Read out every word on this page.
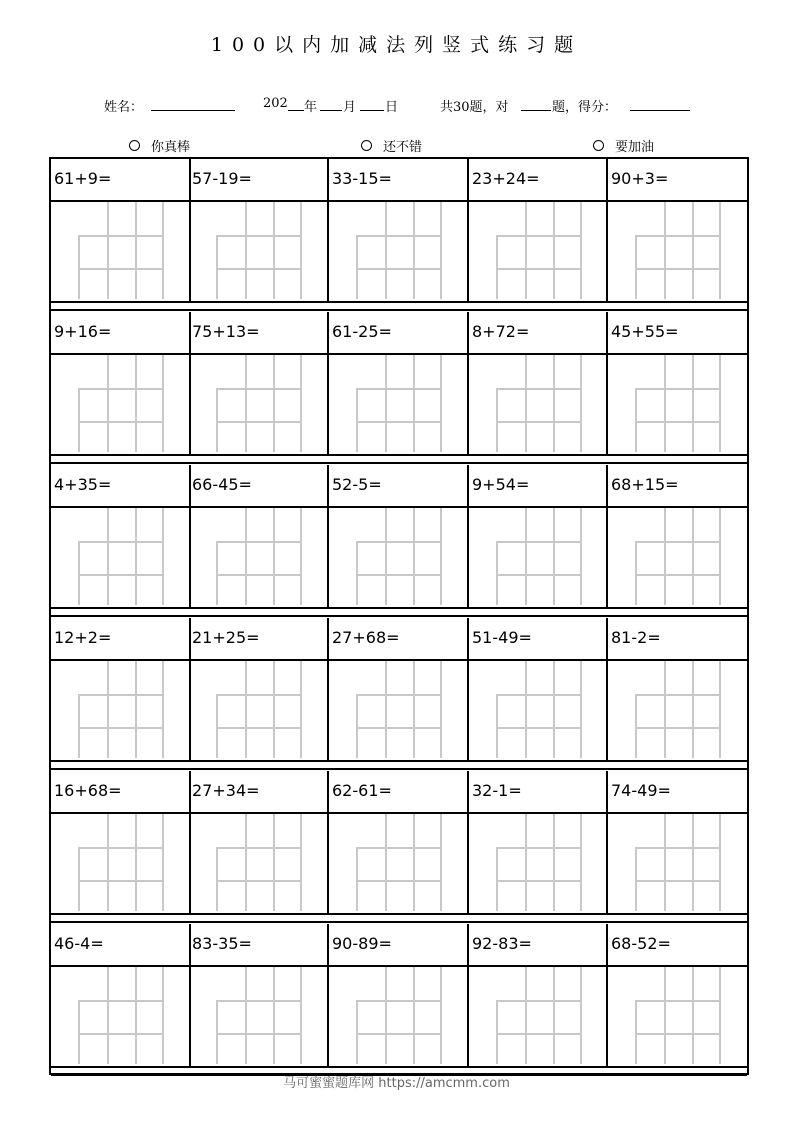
100以内加减法列竖式练习题
姓名：	202 年 月 日	共30题，对	题，得分：
你真棒	还不错	要加油
61+9=	57-19=	33-15=	23+24=	90+3=
9+16=	75+13=	61-25=	8+72=	45+55=
4+35=	66-45=	52-5=	9+54=	68+15=
12+2=	21+25=	27+68=	51-49=	81-2=
16+68=	27+34=	62-61=	32-1=	74-49=
46-4=	83-35=	90-89=	92-83=	68-52=
马可蜜蜜题库网 https://amcmm.com
